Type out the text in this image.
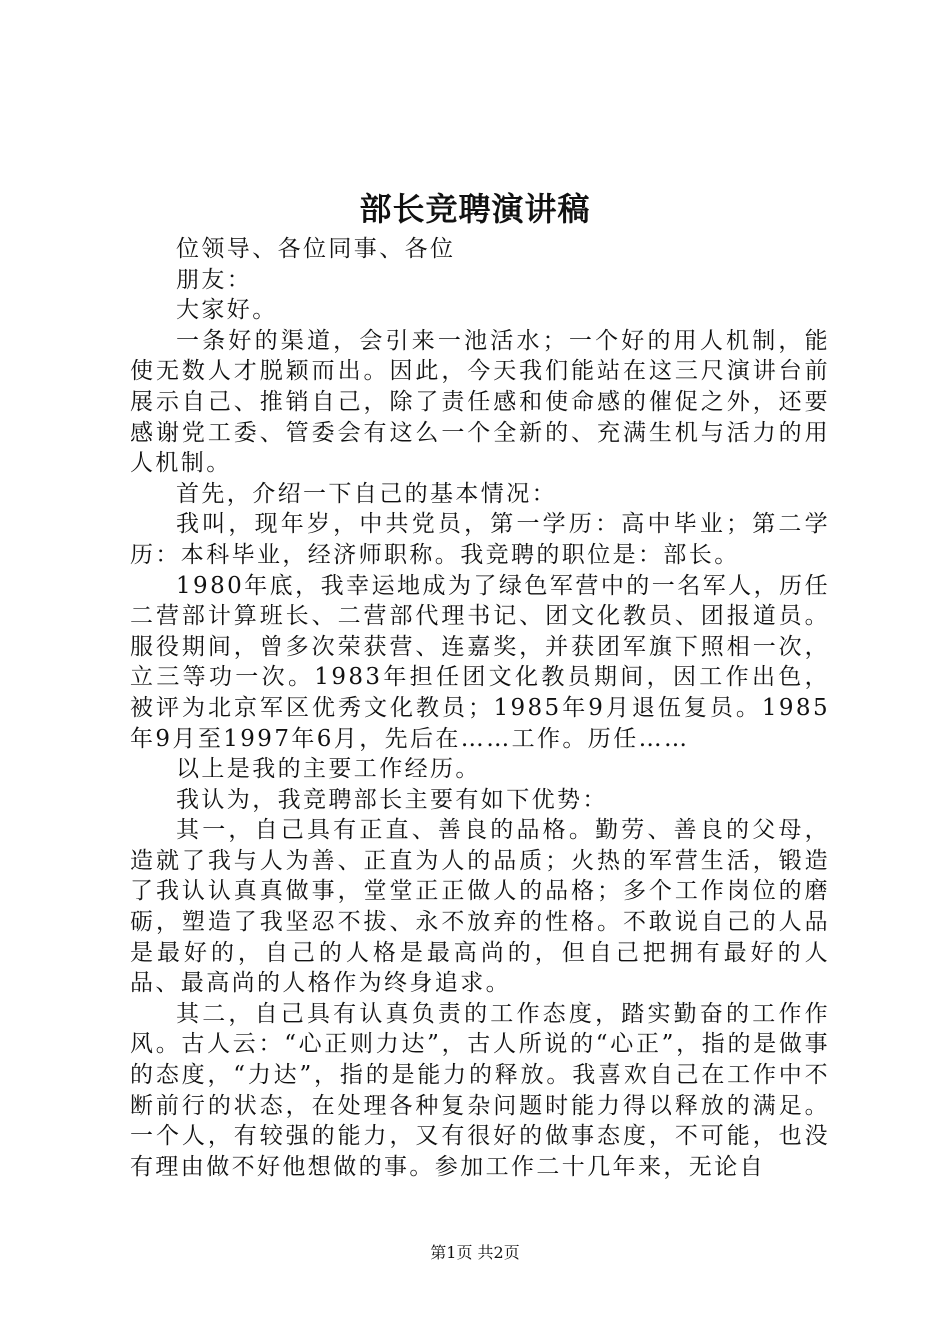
部长竞聘演讲稿

位领导、各位同事、各位

朋友：

大家好。

一条好的渠道，会引来一池活水；一个好的用人机制，能使无数人才脱颖而出。因此，今天我们能站在这三尺演讲台前展示自己、推销自己，除了责任感和使命感的催促之外，还要感谢党工委、管委会有这么一个全新的、充满生机与活力的用人机制。

首先，介绍一下自己的基本情况：

我叫，现年岁，中共党员，第一学历：高中毕业；第二学历：本科毕业，经济师职称。我竞聘的职位是：部长。

1980年底，我幸运地成为了绿色军营中的一名军人，历任二营部计算班长、二营部代理书记、团文化教员、团报道员。服役期间，曾多次荣获营、连嘉奖，并获团军旗下照相一次，立三等功一次。1983年担任团文化教员期间，因工作出色，被评为北京军区优秀文化教员；1985年9月退伍复员。1985年9月至1997年6月，先后在……工作。历任……

以上是我的主要工作经历。

我认为，我竞聘部长主要有如下优势：

其一，自己具有正直、善良的品格。勤劳、善良的父母，造就了我与人为善、正直为人的品质；火热的军营生活，锻造了我认认真真做事，堂堂正正做人的品格；多个工作岗位的磨砺，塑造了我坚忍不拔、永不放弃的性格。不敢说自己的人品是最好的，自己的人格是最高尚的，但自己把拥有最好的人品、最高尚的人格作为终身追求。

其二，自己具有认真负责的工作态度，踏实勤奋的工作作风。古人云：“心正则力达”，古人所说的“心正”，指的是做事的态度，“力达”，指的是能力的释放。我喜欢自己在工作中不断前行的状态，在处理各种复杂问题时能力得以释放的满足。一个人，有较强的能力，又有很好的做事态度，不可能，也没有理由做不好他想做的事。参加工作二十几年来，无论自

第1页 共2页
